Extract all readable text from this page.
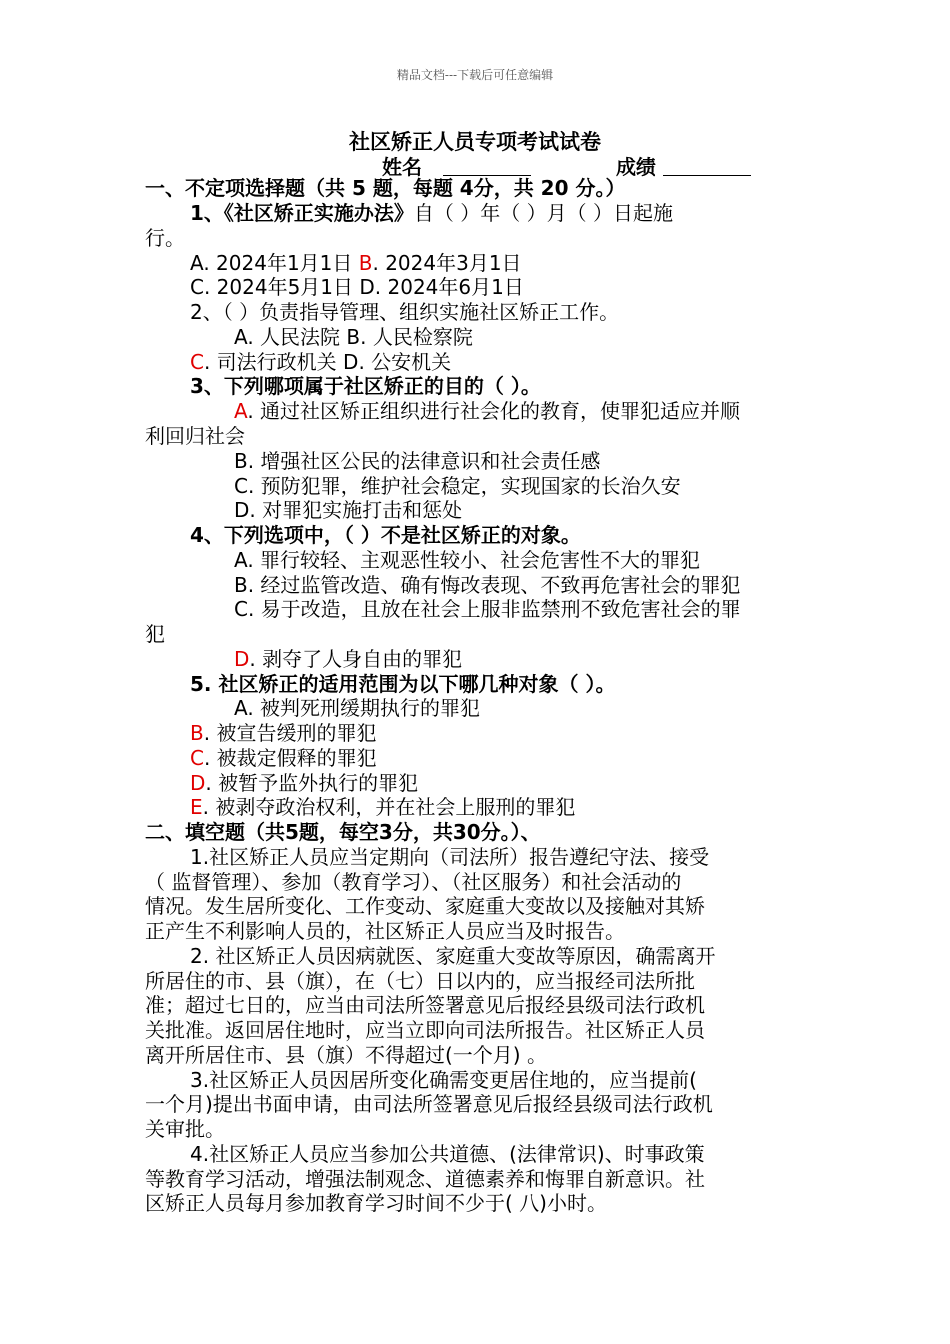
精品文档---下载后可任意编辑
社区矫正人员专项考试试卷
姓名	成绩
一、不定项选择题（共 5 题，每题 4分，共 20 分。）
1、《社区矫正实施办法》自（ ）年（ ）月（ ）日起施
行。
A. 2024年1月1日 B. 2024年3月1日
C. 2024年5月1日 D. 2024年6月1日
2、（ ）负责指导管理、组织实施社区矫正工作。
A. 人民法院 B. 人民检察院
C. 司法行政机关 D. 公安机关
3、下列哪项属于社区矫正的目的（ ）。
A. 通过社区矫正组织进行社会化的教育，使罪犯适应并顺
利回归社会
B. 增强社区公民的法律意识和社会责任感
C. 预防犯罪，维护社会稳定，实现国家的长治久安
D. 对罪犯实施打击和惩处
4、下列选项中，（ ）不是社区矫正的对象。
A. 罪行较轻、主观恶性较小、社会危害性不大的罪犯
B. 经过监管改造、确有悔改表现、不致再危害社会的罪犯
C. 易于改造，且放在社会上服非监禁刑不致危害社会的罪
犯
D. 剥夺了人身自由的罪犯
5. 社区矫正的适用范围为以下哪几种对象（ ）。
A. 被判死刑缓期执行的罪犯
B. 被宣告缓刑的罪犯
C. 被裁定假释的罪犯
D. 被暂予监外执行的罪犯
E. 被剥夺政治权利，并在社会上服刑的罪犯
二、填空题（共5题，每空3分，共30分。）、
1.社区矫正人员应当定期向（司法所）报告遵纪守法、接受
（ 监督管理）、参加（教育学习）、（社区服务）和社会活动的
情况。发生居所变化、工作变动、家庭重大变故以及接触对其矫
正产生不利影响人员的，社区矫正人员应当及时报告。
2. 社区矫正人员因病就医、家庭重大变故等原因，确需离开
所居住的市、县（旗），在（七）日以内的，应当报经司法所批
准；超过七日的，应当由司法所签署意见后报经县级司法行政机
关批准。返回居住地时，应当立即向司法所报告。社区矫正人员
离开所居住市、县（旗）不得超过(一个月) 。
3.社区矫正人员因居所变化确需变更居住地的，应当提前(
一个月)提出书面申请，由司法所签署意见后报经县级司法行政机
关审批。
4.社区矫正人员应当参加公共道德、(法律常识)、时事政策
等教育学习活动，增强法制观念、道德素养和悔罪自新意识。社
区矫正人员每月参加教育学习时间不少于( 八)小时。
